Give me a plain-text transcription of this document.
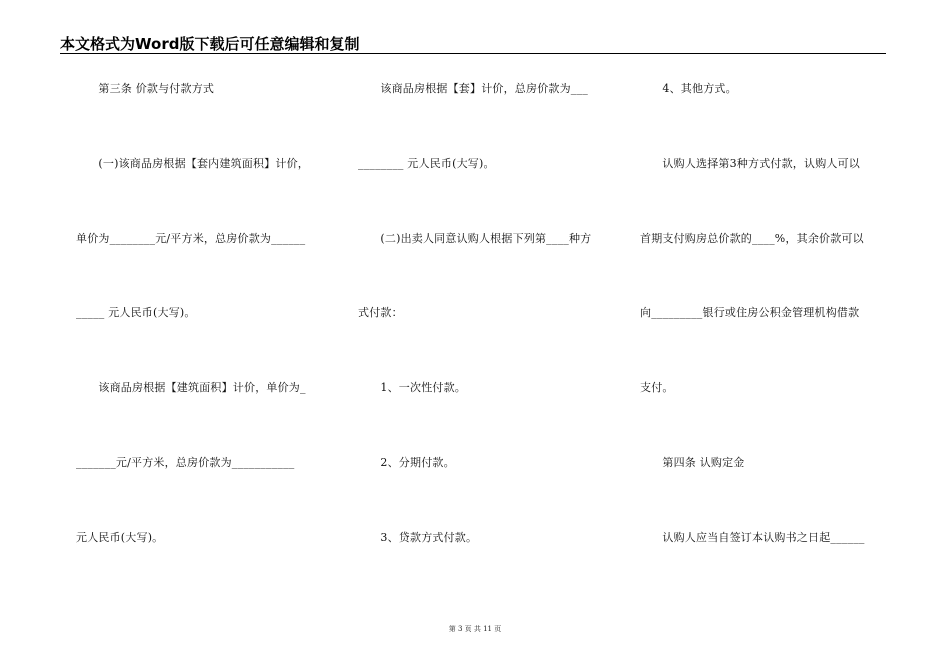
本文格式为Word版下载后可任意编辑和复制
　　第三条 价款与付款方式
　　(一)该商品房根据【套内建筑面积】计价，
单价为________元/平方米，总房价款为______
_____ 元人民币(大写)。
　　该商品房根据【建筑面积】计价，单价为_
_______元/平方米，总房价款为___________
元人民币(大写)。
　　该商品房根据【套】计价，总房价款为___
________ 元人民币(大写)。
　　(二)出卖人同意认购人根据下列第____种方
式付款：
　　1、一次性付款。
　　2、分期付款。
　　3、贷款方式付款。
　　4、其他方式。
　　认购人选择第3种方式付款，认购人可以
首期支付购房总价款的____%，其余价款可以
向_________银行或住房公积金管理机构借款
支付。
　　第四条 认购定金
　　认购人应当自签订本认购书之日起______
第 3 页 共 11 页
